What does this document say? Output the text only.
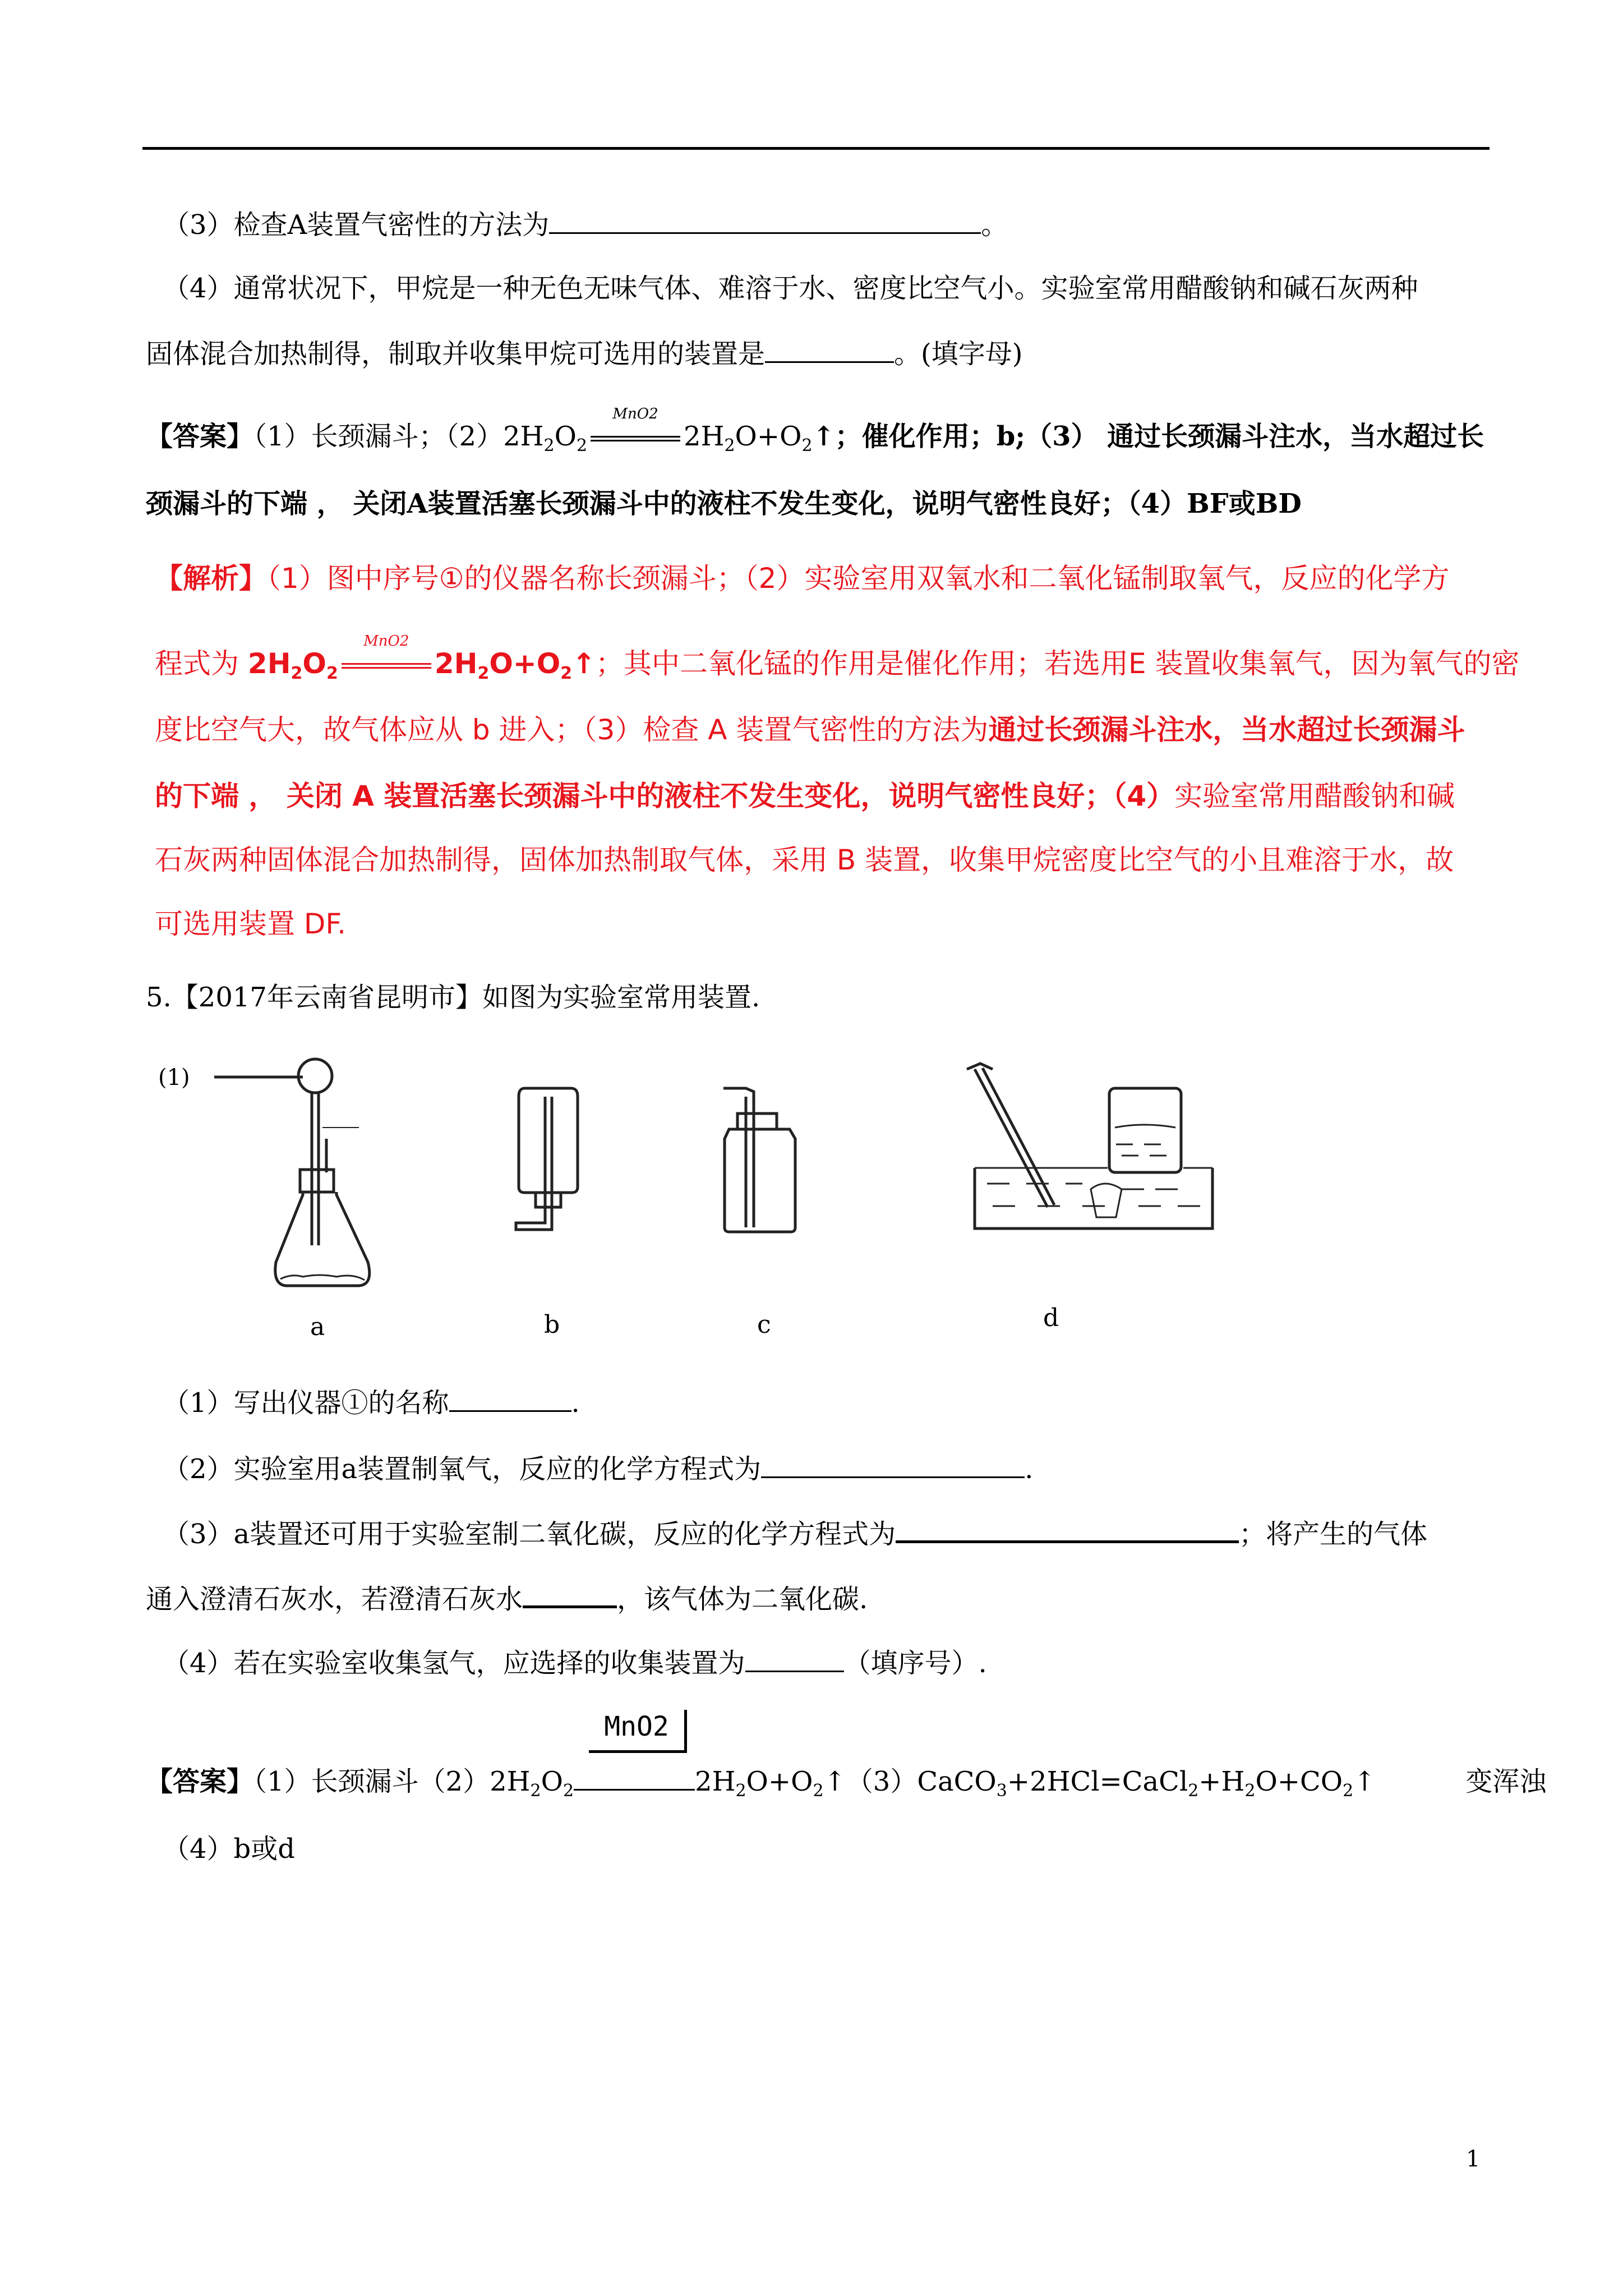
（3）检查A装置气密性的方法为	。
（4）通常状况下，甲烷是一种无色无味气体、难溶于水、密度比空气小。实验室常用醋酸钠和碱石灰两种
固体混合加热制得，制取并收集甲烷可选用的装置是	。(填字母)
【答案】（1）长颈漏斗；$(2)2H_2O_2$
MnO2
$2H_2O+O_2↑$；催化作用；b;（3） 通过长颈漏斗注水，当水超过长
颈漏斗的下端 ， 关闭A装置活塞长颈漏斗中的液柱不发生变化，说明气密性良好；（4）BF或BD
【解析】（1）图中序号①的仪器名称长颈漏斗；（2）实验室用双氧水和二氧化锰制取氧气，反应的化学方
程式为 $2H_2O_2$
MnO2
$2H_2O+O_2↑$；其中二氧化锰的作用是催化作用；若选用E 装置收集氧气，因为氧气的密
度比空气大，故气体应从 b 进入；（3）检查 A 装置气密性的方法为通过长颈漏斗注水，当水超过长颈漏斗
的下端 ， 关闭 A 装置活塞长颈漏斗中的液柱不发生变化，说明气密性良好；（4）实验室常用醋酸钠和碱
石灰两种固体混合加热制得，固体加热制取气体，采用 B 装置，收集甲烷密度比空气的小且难溶于水，故
可选用装置 DF.
5.【2017年云南省昆明市】如图为实验室常用装置.
(1)
a	b	c	d
（1）写出仪器①的名称	.
（2）实验室用a装置制氧气，反应的化学方程式为	.
（3）a装置还可用于实验室制二氧化碳，反应的化学方程式为	；将产生的气体
通入澄清石灰水，若澄清石灰水	，该气体为二氧化碳.
（4）若在实验室收集氢气，应选择的收集装置为	（填序号）.
MnO2
【答案】（1）长颈漏斗$(2)2H_2O_2$	$2H_2O+O_2↑(3)CaCO_3+2HCl=CaCl_2+H_2O+CO_2↑$	变浑浊
（4）b或d
1
